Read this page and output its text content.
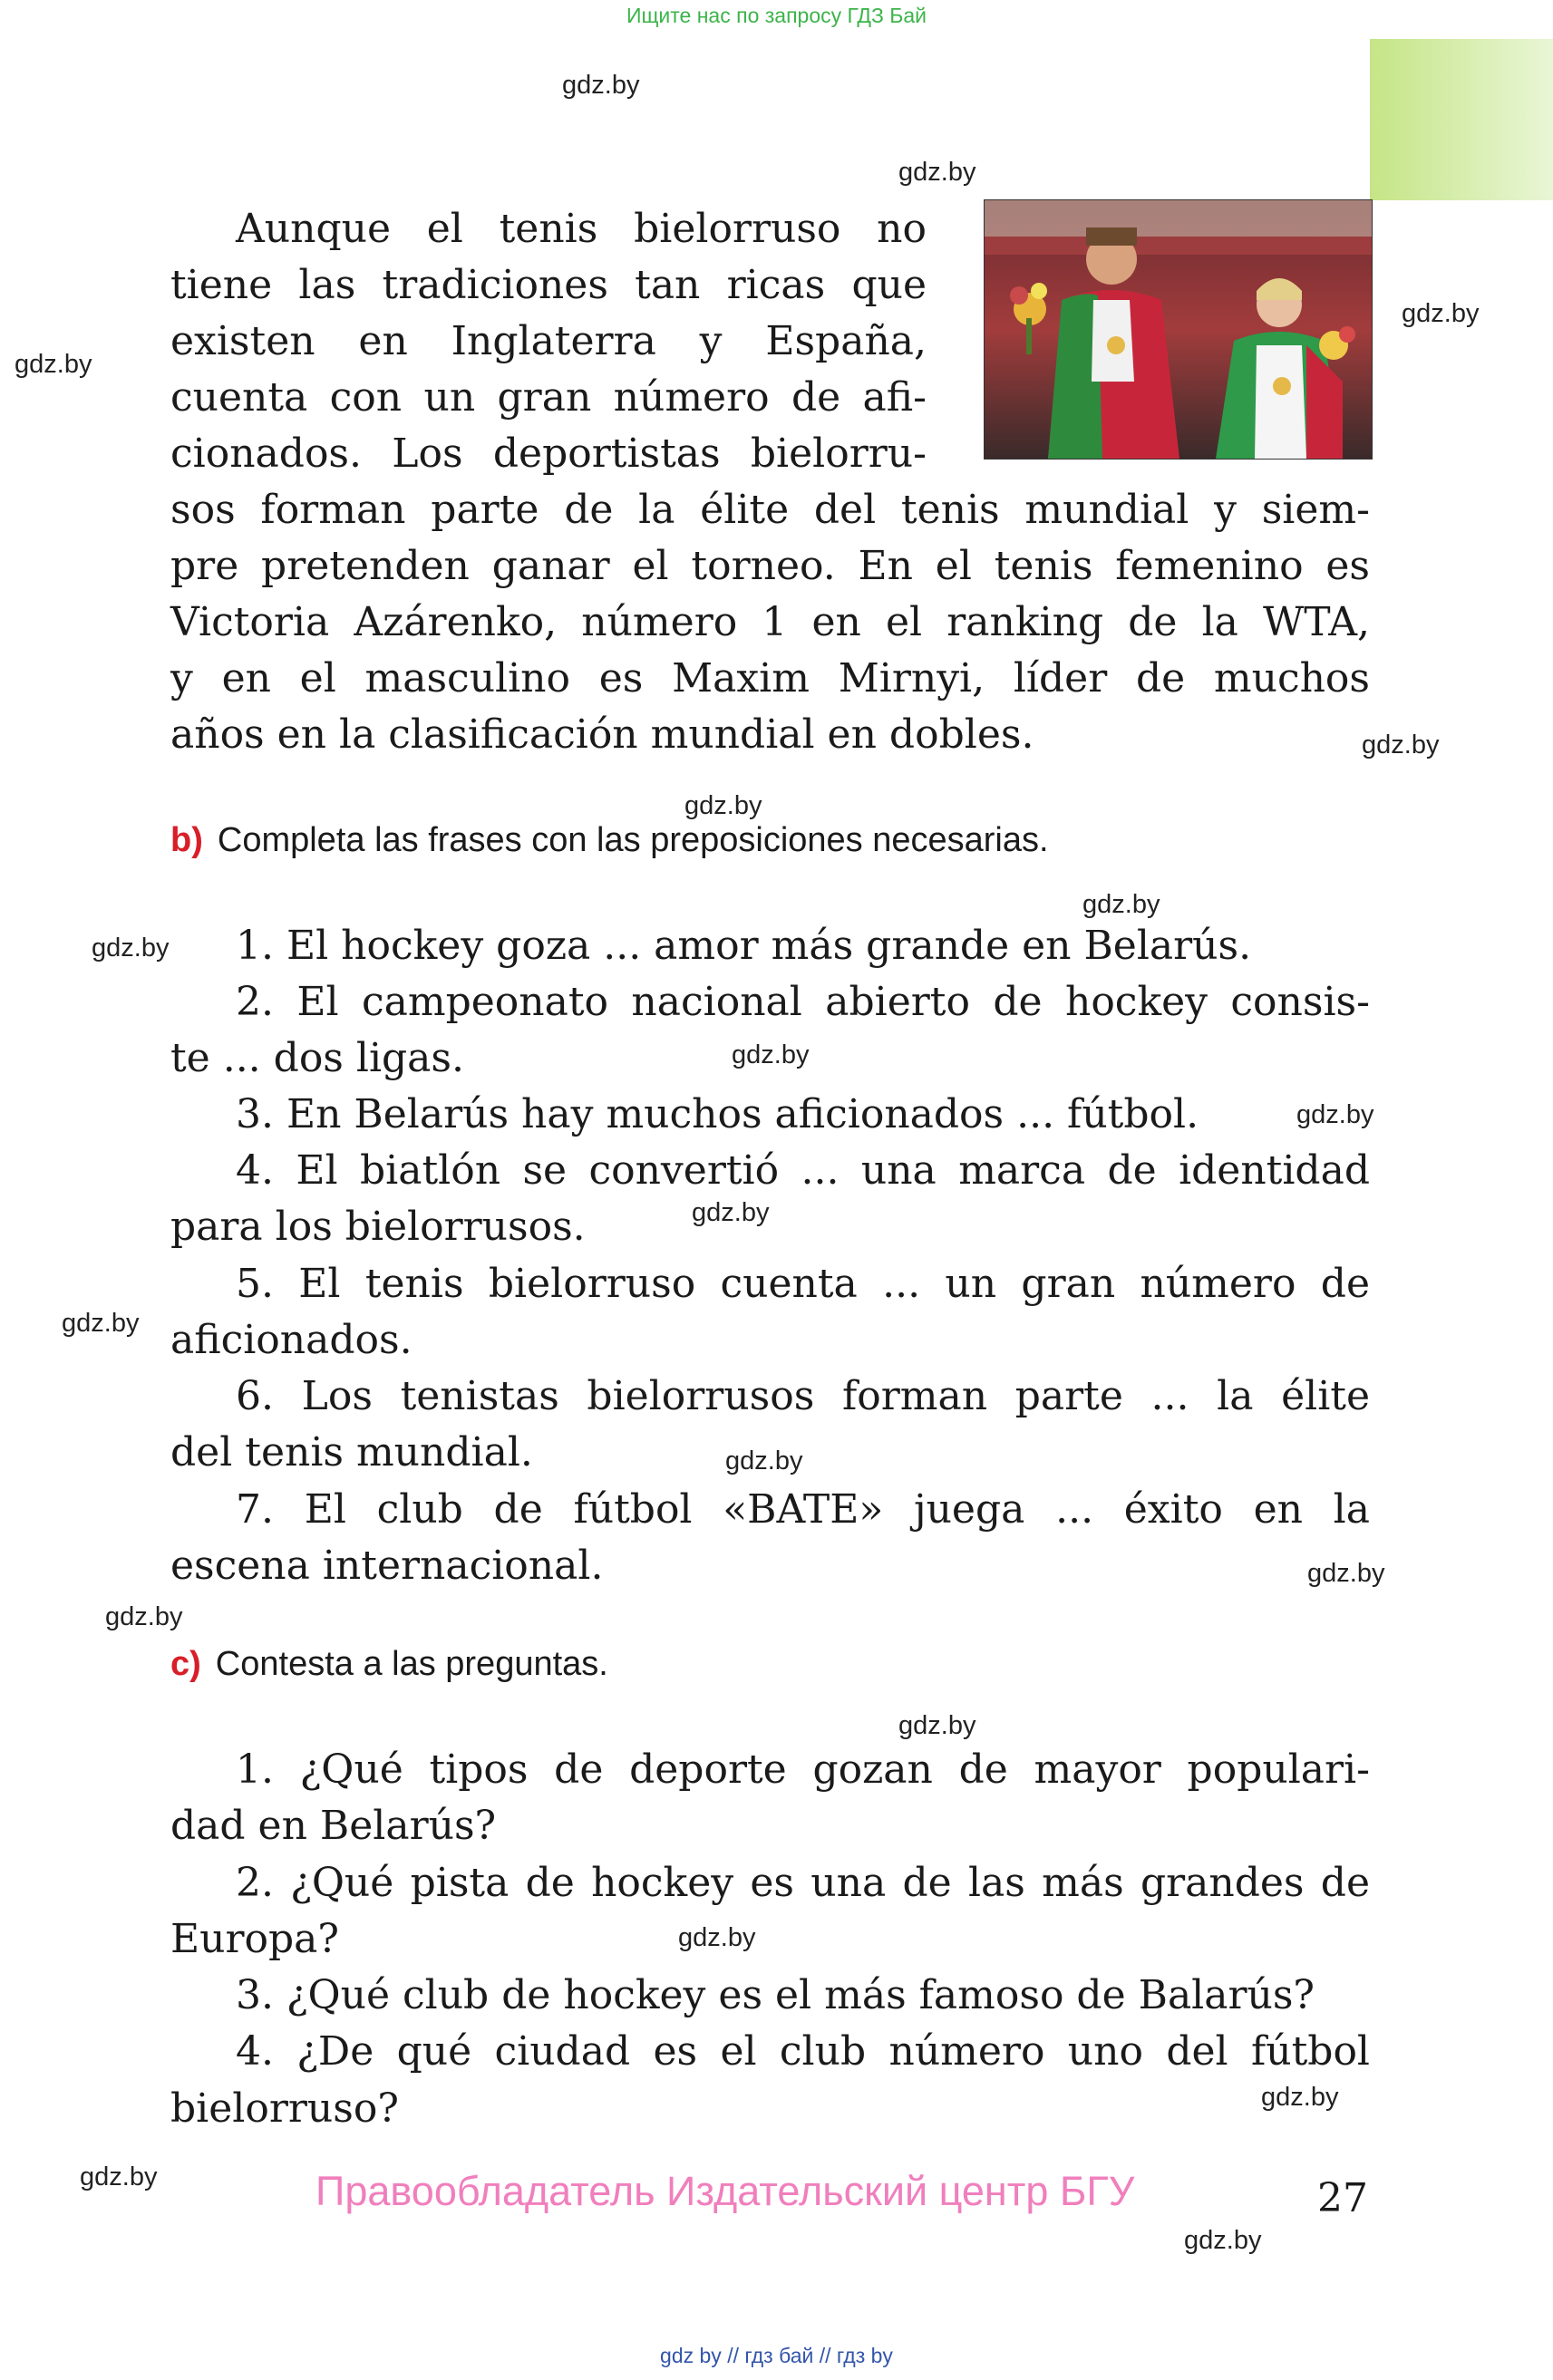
Ищите нас по запросу ГДЗ Бай
gdz.by
gdz.by
gdz.by
gdz.by
gdz.by
gdz.by
gdz.by
gdz.by
gdz.by
gdz.by
gdz.by
gdz.by
gdz.by
gdz.by
gdz.by
gdz.by
gdz.by
gdz.by
gdz.by
gdz.by
Aunque el tenis bielorruso no
tiene las tradiciones tan ricas que
existen en Inglaterra y España,
cuenta con un gran número de afi-
cionados. Los deportistas bielorru-
sos forman parte de la élite del tenis mundial y siem-
pre pretenden ganar el torneo. En el tenis femenino es
Victoria Azárenko, número 1 en el ranking de la WTA,
y en el masculino es Maxim Mirnyi, líder de muchos
años en la clasificación mundial en dobles.
b) Completa las frases con las preposiciones necesarias.
1. El hockey goza ... amor más grande en Belarús.
2. El campeonato nacional abierto de hockey consis-
te ... dos ligas.
3. En Belarús hay muchos aficionados ... fútbol.
4. El biatlón se convertió ... una marca de identidad
para los bielorrusos.
5. El tenis bielorruso cuenta ... un gran número de
aficionados.
6. Los tenistas bielorrusos forman parte ... la élite
del tenis mundial.
7. El club de fútbol «BATE» juega ... éxito en la
escena internacional.
c) Contesta a las preguntas.
1. ¿Qué tipos de deporte gozan de mayor populari-
dad en Belarús?
2. ¿Qué pista de hockey es una de las más grandes de
Europa?
3. ¿Qué club de hockey es el más famoso de Balarús?
4. ¿De qué ciudad es el club número uno del fútbol
bielorruso?
Правообладатель Издательский центр БГУ	27
gdz by // гдз бай // гдз by
